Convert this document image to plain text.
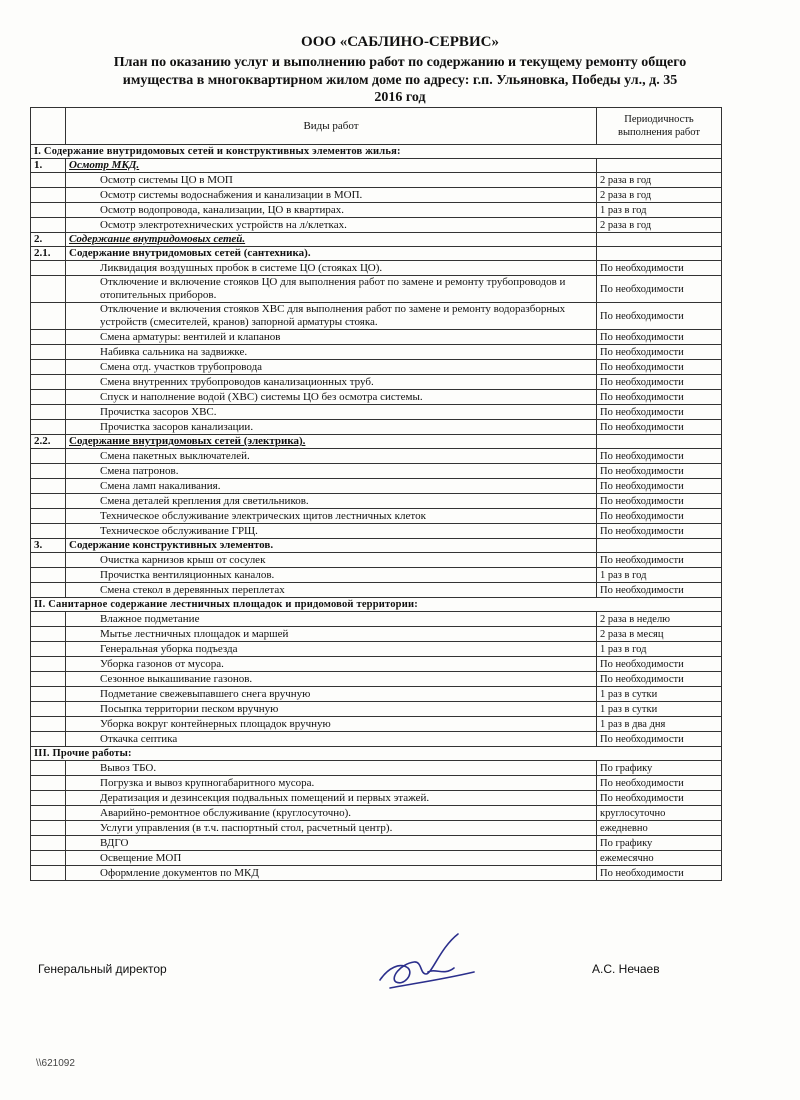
ООО «САБЛИНО-СЕРВИС»
План по оказанию услуг и выполнению работ по содержанию и текущему ремонту общего
имущества в многоквартирном жилом доме по адресу: г.п. Ульяновка, Победы ул., д. 35
2016 год
	Виды работ	Периодичность выполнения работ
I. Содержание внутридомовых сетей и конструктивных элементов жилья:		
1.	Осмотр МКД.	
	Осмотр системы ЦО в МОП	2 раза в год
	Осмотр системы водоснабжения и канализации в МОП.	2 раза в год
	Осмотр водопровода, канализации, ЦО в квартирах.	1 раз в год
	Осмотр электротехнических устройств на л/клетках.	2 раза в год
2.	Содержание внутридомовых сетей.	
2.1.	Содержание внутридомовых сетей (сантехника).	
	Ликвидация воздушных пробок в системе ЦО (стояках ЦО).	По необходимости
	Отключение и включение стояков ЦО для выполнения работ по замене и ремонту трубопроводов и отопительных приборов.	По необходимости
	Отключение и включения стояков ХВС для выполнения работ по замене и ремонту водоразборных устройств (смесителей, кранов) запорной арматуры стояка.	По необходимости
	Смена арматуры: вентилей и клапанов	По необходимости
	Набивка сальника на задвижке.	По необходимости
	Смена отд. участков трубопровода	По необходимости
	Смена внутренних трубопроводов канализационных труб.	По необходимости
	Спуск и наполнение водой (ХВС) системы ЦО без осмотра системы.	По необходимости
	Прочистка засоров ХВС.	По необходимости
	Прочистка засоров канализации.	По необходимости
2.2.	Содержание внутридомовых сетей (электрика).	
	Смена пакетных выключателей.	По необходимости
	Смена патронов.	По необходимости
	Смена ламп накаливания.	По необходимости
	Смена деталей крепления для светильников.	По необходимости
	Техническое обслуживание электрических щитов лестничных клеток	По необходимости
	Техническое обслуживание ГРЩ.	По необходимости
3.	Содержание конструктивных элементов.	
	Очистка карнизов крыш от сосулек	По необходимости
	Прочистка вентиляционных каналов.	1 раз в год
	Смена стекол в деревянных переплетах	По необходимости
II. Санитарное содержание лестничных площадок и придомовой территории:		
	Влажное подметание	2 раза в неделю
	Мытье лестничных площадок и маршей	2 раза в месяц
	Генеральная уборка подъезда	1 раз в год
	Уборка газонов от мусора.	По необходимости
	Сезонное выкашивание газонов.	По необходимости
	Подметание свежевыпавшего снега вручную	1 раз в сутки
	Посыпка территории песком вручную	1 раз в сутки
	Уборка вокруг контейнерных площадок вручную	1 раз в два дня
	Откачка септика	По необходимости
III. Прочие работы:		
	Вывоз ТБО.	По графику
	Погрузка и вывоз крупногабаритного мусора.	По необходимости
	Дератизация и дезинсекция подвальных помещений и первых этажей.	По необходимости
	Аварийно-ремонтное обслуживание (круглосуточно).	круглосуточно
	Услуги управления (в т.ч. паспортный стол, расчетный центр).	ежедневно
	ВДГО	По графику
	Освещение МОП	ежемесячно
	Оформление документов по МКД	По необходимости
Генеральный директор	А.С. Нечаев
\\621092
